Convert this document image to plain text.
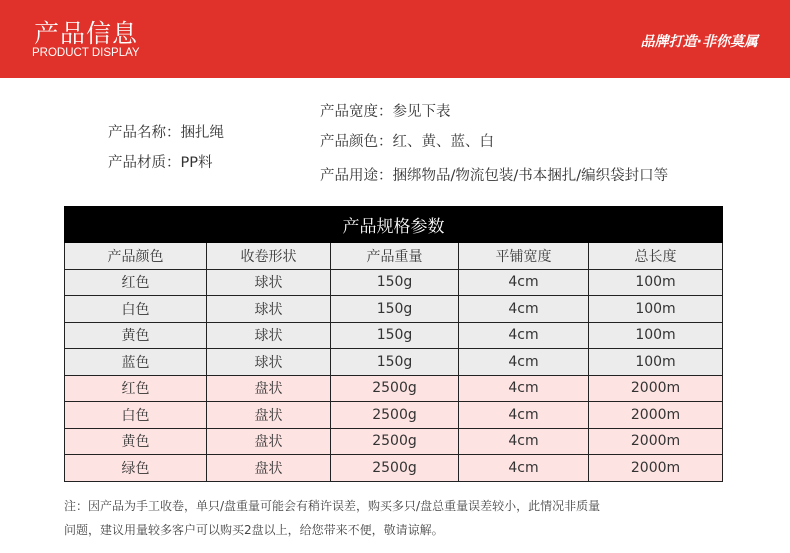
产品信息
PRODUCT DISPLAY
品牌打造·非你莫属
产品名称：捆扎绳
产品材质：PP料
产品宽度：参见下表
产品颜色：红、黄、蓝、白
产品用途：捆绑物品/物流包装/书本捆扎/编织袋封口等
产品规格参数				
产品颜色	收卷形状	产品重量	平铺宽度	总长度
红色	球状	150g	4cm	100m
白色	球状	150g	4cm	100m
黄色	球状	150g	4cm	100m
蓝色	球状	150g	4cm	100m
红色	盘状	2500g	4cm	2000m
白色	盘状	2500g	4cm	2000m
黄色	盘状	2500g	4cm	2000m
绿色	盘状	2500g	4cm	2000m
注：因产品为手工收卷，单只/盘重量可能会有稍许误差，购买多只/盘总重量误差较小，此情况非质量
问题，建议用量较多客户可以购买2盘以上，给您带来不便，敬请谅解。
